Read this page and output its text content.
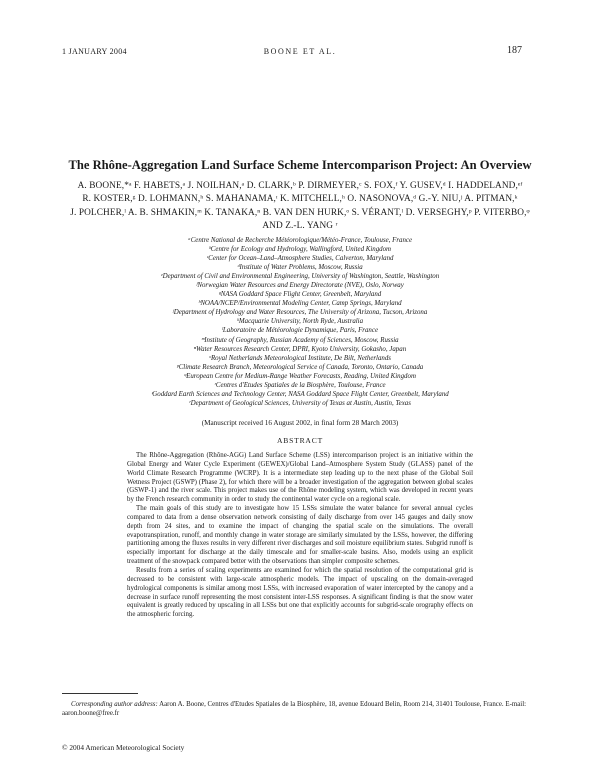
1 JANUARY 2004	BOONE ET AL.	187
The Rhône-Aggregation Land Surface Scheme Intercomparison Project: An Overview
A. BOONE,*ᵃ F. HABETS,ᵃ J. NOILHAN,ᵃ D. CLARK,ᵇ P. DIRMEYER,ᶜ S. FOX,ᶠ Y. GUSEV,ᵈ I. HADDELAND,ᵉᶠ
R. KOSTER,ᵍ D. LOHMANN,ʰ S. MAHANAMA,ᶦ K. MITCHELL,ʰ O. NASONOVA,ᵈ G.-Y. NIU,ʲ A. PITMAN,ᵏ
J. POLCHER,ˡ A. B. SHMAKIN,ᵐ K. TANAKA,ⁿ B. VAN DEN HURK,ᵒ S. VÉRANT,ˡ D. VERSEGHY,ᵖ P. VITERBO,ᵠ
AND Z.-L. YANG ʳ
ᵃCentre National de Recherche Météorologique/Météo-France, Toulouse, France
ᵇCentre for Ecology and Hydrology, Wallingford, United Kingdom
ᶜCenter for Ocean–Land–Atmosphere Studies, Calverton, Maryland
ᵈInstitute of Water Problems, Moscow, Russia
ᵉDepartment of Civil and Environmental Engineering, University of Washington, Seattle, Washington
ᶠNorwegian Water Resources and Energy Directorate (NVE), Oslo, Norway
ᵍNASA Goddard Space Flight Center, Greenbelt, Maryland
ʰNOAA/NCEP/Environmental Modeling Center, Camp Springs, Maryland
ʲDepartment of Hydrology and Water Resources, The University of Arizona, Tucson, Arizona
ᵏMacquarie University, North Ryde, Australia
ˡLaboratoire de Météorologie Dynamique, Paris, France
ᵐInstitute of Geography, Russian Academy of Sciences, Moscow, Russia
ⁿWater Resources Research Center, DPRI, Kyoto University, Gokasho, Japan
ᵒRoyal Netherlands Meteorological Institute, De Bilt, Netherlands
ᵖClimate Research Branch, Meteorological Service of Canada, Toronto, Ontario, Canada
ᵠEuropean Centre for Medium-Range Weather Forecasts, Reading, United Kingdom
ʳCentres d'Etudes Spatiales de la Biosphère, Toulouse, France
ᶦGoddard Earth Sciences and Technology Center, NASA Goddard Space Flight Center, Greenbelt, Maryland
ʳDepartment of Geological Sciences, University of Texas at Austin, Austin, Texas
(Manuscript received 16 August 2002, in final form 28 March 2003)
ABSTRACT

The Rhône-Aggregation (Rhône-AGG) Land Surface Scheme (LSS) intercomparison project is an initiative within the Global Energy and Water Cycle Experiment (GEWEX)/Global Land–Atmosphere System Study (GLASS) panel of the World Climate Research Programme (WCRP). It is a intermediate step leading up to the next phase of the Global Soil Wetness Project (GSWP) (Phase 2), for which there will be a broader investigation of the aggregation between global scales (GSWP-1) and the river scale. This project makes use of the Rhône modeling system, which was developed in recent years by the French research community in order to study the continental water cycle on a regional scale.

The main goals of this study are to investigate how 15 LSSs simulate the water balance for several annual cycles compared to data from a dense observation network consisting of daily discharge from over 145 gauges and daily snow depth from 24 sites, and to examine the impact of changing the spatial scale on the simulations. The overall evapotranspiration, runoff, and monthly change in water storage are similarly simulated by the LSSs, however, the differing partitioning among the fluxes results in very different river discharges and soil moisture equilibrium states. Subgrid runoff is especially important for discharge at the daily timescale and for smaller-scale basins. Also, models using an explicit treatment of the snowpack compared better with the observations than simpler composite schemes.

Results from a series of scaling experiments are examined for which the spatial resolution of the computational grid is decreased to be consistent with large-scale atmospheric models. The impact of upscaling on the domain-averaged hydrological components is similar among most LSSs, with increased evaporation of water intercepted by the canopy and a decrease in surface runoff representing the most consistent inter-LSS responses. A significant finding is that the snow water equivalent is greatly reduced by upscaling in all LSSs but one that explicitly accounts for subgrid-scale orography effects on the atmospheric forcing.

Corresponding author address: Aaron A. Boone, Centres d'Etudes Spatiales de la Biosphère, 18, avenue Edouard Belin, Room 214, 31401 Toulouse, France. E-mail: aaron.boone@free.fr

© 2004 American Meteorological Society
